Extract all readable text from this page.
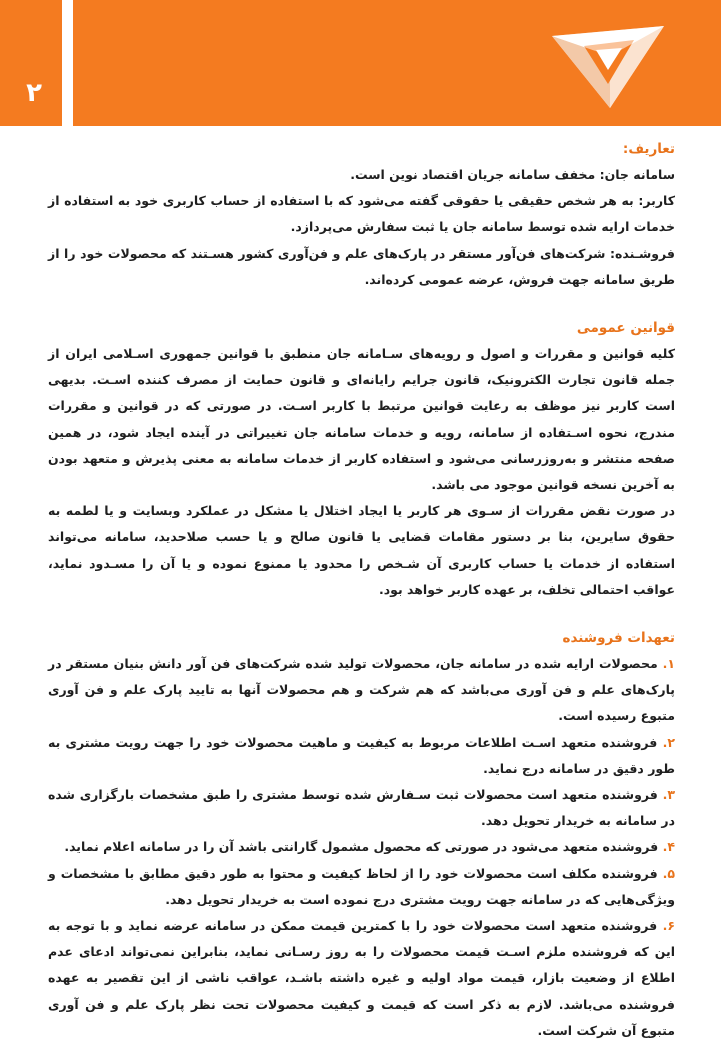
۲
تعاریف:

سامانه جان: مخفف سامانه جریان اقتصاد نوین است.

کاربر: به هر شخص حقیقی یا حقوقی گفته می‌شود که با استفاده از حساب کاربری خود به استفاده از خدمات ارایه شده توسط سامانه جان یا ثبت سفارش می‌پردازد.

فروشـنده: شرکت‌های فن‌آور مستقر در پارک‌های علم و فن‌آوری کشور هسـتند که محصولات خود را از طریق سامانه جهت فروش، عرضه عمومی کرده‌اند.

قوانین عمومی

کلیه قوانین و مقررات و اصول و رویه‌های سـامانه جان منطبق با قوانین جمهوری اسـلامی ایران از جمله قانون تجارت الکترونیک، قانون جرایم رایانه‌ای و قانون حمایت از مصرف کننده اسـت. بدیهی است کاربر نیز موظف به رعایت قوانین مرتبط با کاربر اسـت. در صورتی که در قوانین و مقررات مندرج، نحوه اسـتفاده از سامانه، رویه و خدمات سامانه جان تغییراتی در آینده ایجاد شود، در همین صفحه منتشر و به‌روزرسانی می‌شود و استفاده کاربر از خدمات سامانه به معنی پذیرش و متعهد بودن به آخرین نسخه قوانین موجود می باشد.

در صورت نقض مقررات از سـوی هر کاربر یا ایجاد اختلال یا مشکل در عملکرد وبسایت و یا لطمه به حقوق سایرین، بنا بر دستور مقامات قضایی یا قانون صالح و یا حسب صلاحدید، سامانه می‌تواند استفاده از خدمات یا حساب کاربری آن شـخص را محدود یا ممنوع نموده و یا آن را مسـدود نماید، عواقب احتمالی تخلف، بر عهده کاربر خواهد بود.

تعهدات فروشنده

۱. محصولات ارایه شده در سامانه جان، محصولات تولید شده شرکت‌های فن آور دانش بنیان مستقر در پارک‌های علم و فن آوری می‌باشد که هم شرکت و هم محصولات آنها به تایید پارک علم و فن آوری متبوع رسیده است.

۲. فروشنده متعهد اسـت اطلاعات مربوط به کیفیت و ماهیت محصولات خود را جهت رویت مشتری به طور دقیق در سامانه درج نماید.

۳. فروشنده متعهد است محصولات ثبت سـفارش شده توسط مشتری را طبق مشخصات بارگزاری شده در سامانه به خریدار تحویل دهد.

۴. فروشنده متعهد می‌شود در صورتی که محصول مشمول گارانتی باشد آن را در سامانه اعلام نماید.

۵. فروشنده مکلف است محصولات خود را از لحاظ کیفیت و محتوا به طور دقیق مطابق با مشخصات و ویژگی‌هایی که در سامانه جهت رویت مشتری درج نموده است به خریدار تحویل دهد.

۶. فروشنده متعهد است محصولات خود را با کمترین قیمت ممکن در سامانه عرضه نماید و با توجه به این که فروشنده ملزم اسـت قیمت محصولات را به روز رسـانی نماید، بنابراین نمی‌تواند ادعای عدم اطلاع از وضعیت بازار، قیمت مواد اولیه و غیره داشته باشـد، عواقب ناشی از این تقصیر به عهده فروشنده می‌باشد. لازم به ذکر است که قیمت و کیفیت محصولات تحت نظر پارک علم و فن آوری متبوع آن شرکت است.
